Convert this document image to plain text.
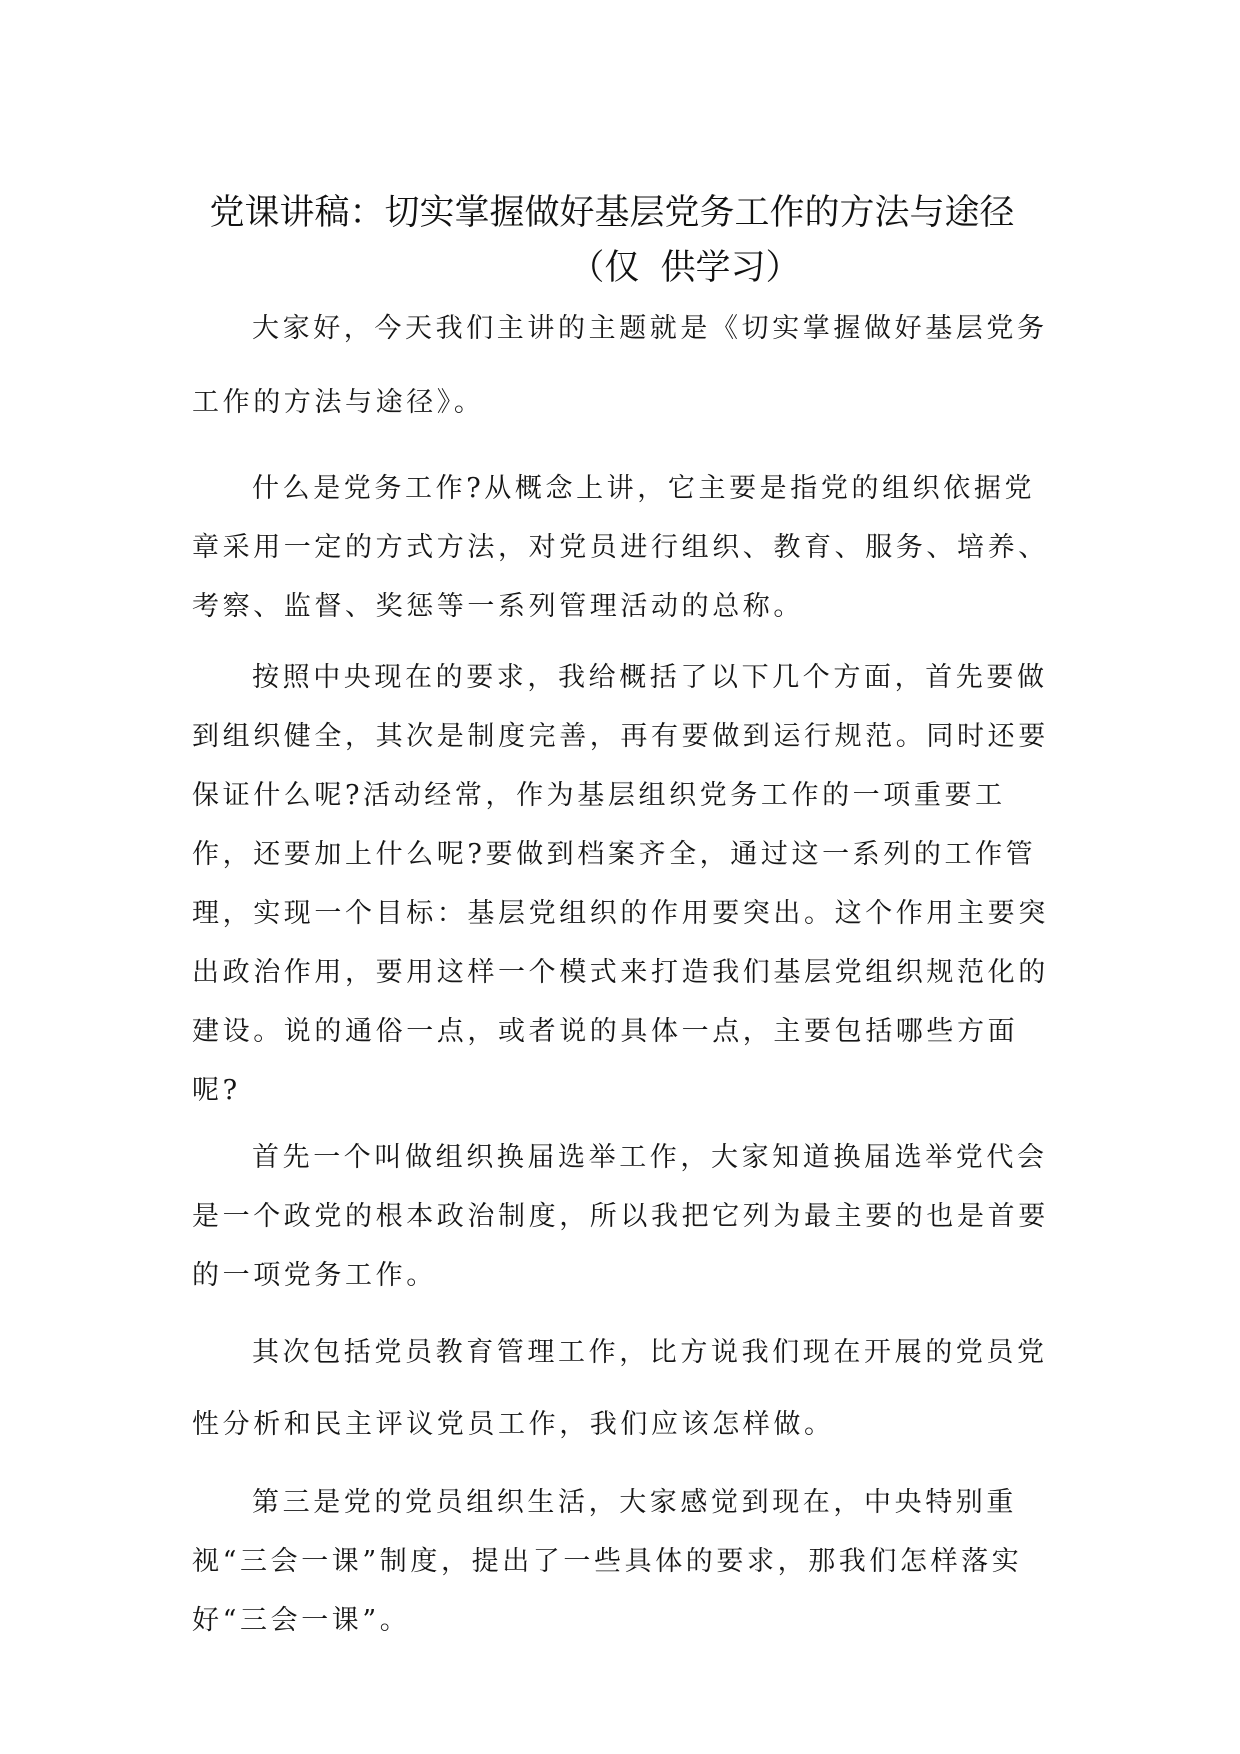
党课讲稿：切实掌握做好基层党务工作的方法与途径
（仅 供学习）

大家好，今天我们主讲的主题就是《切实掌握做好基层党务工作的方法与途径》。

什么是党务工作?从概念上讲，它主要是指党的组织依据党章采用一定的方式方法，对党员进行组织、教育、服务、培养、考察、监督、奖惩等一系列管理活动的总称。

按照中央现在的要求，我给概括了以下几个方面，首先要做到组织健全，其次是制度完善，再有要做到运行规范。同时还要保证什么呢?活动经常，作为基层组织党务工作的一项重要工作，还要加上什么呢?要做到档案齐全，通过这一系列的工作管理，实现一个目标：基层党组织的作用要突出。这个作用主要突出政治作用，要用这样一个模式来打造我们基层党组织规范化的建设。说的通俗一点，或者说的具体一点，主要包括哪些方面呢?

首先一个叫做组织换届选举工作，大家知道换届选举党代会是一个政党的根本政治制度，所以我把它列为最主要的也是首要的一项党务工作。

其次包括党员教育管理工作，比方说我们现在开展的党员党性分析和民主评议党员工作，我们应该怎样做。

第三是党的党员组织生活，大家感觉到现在，中央特别重视“三会一课”制度，提出了一些具体的要求，那我们怎样落实好“三会一课”。
